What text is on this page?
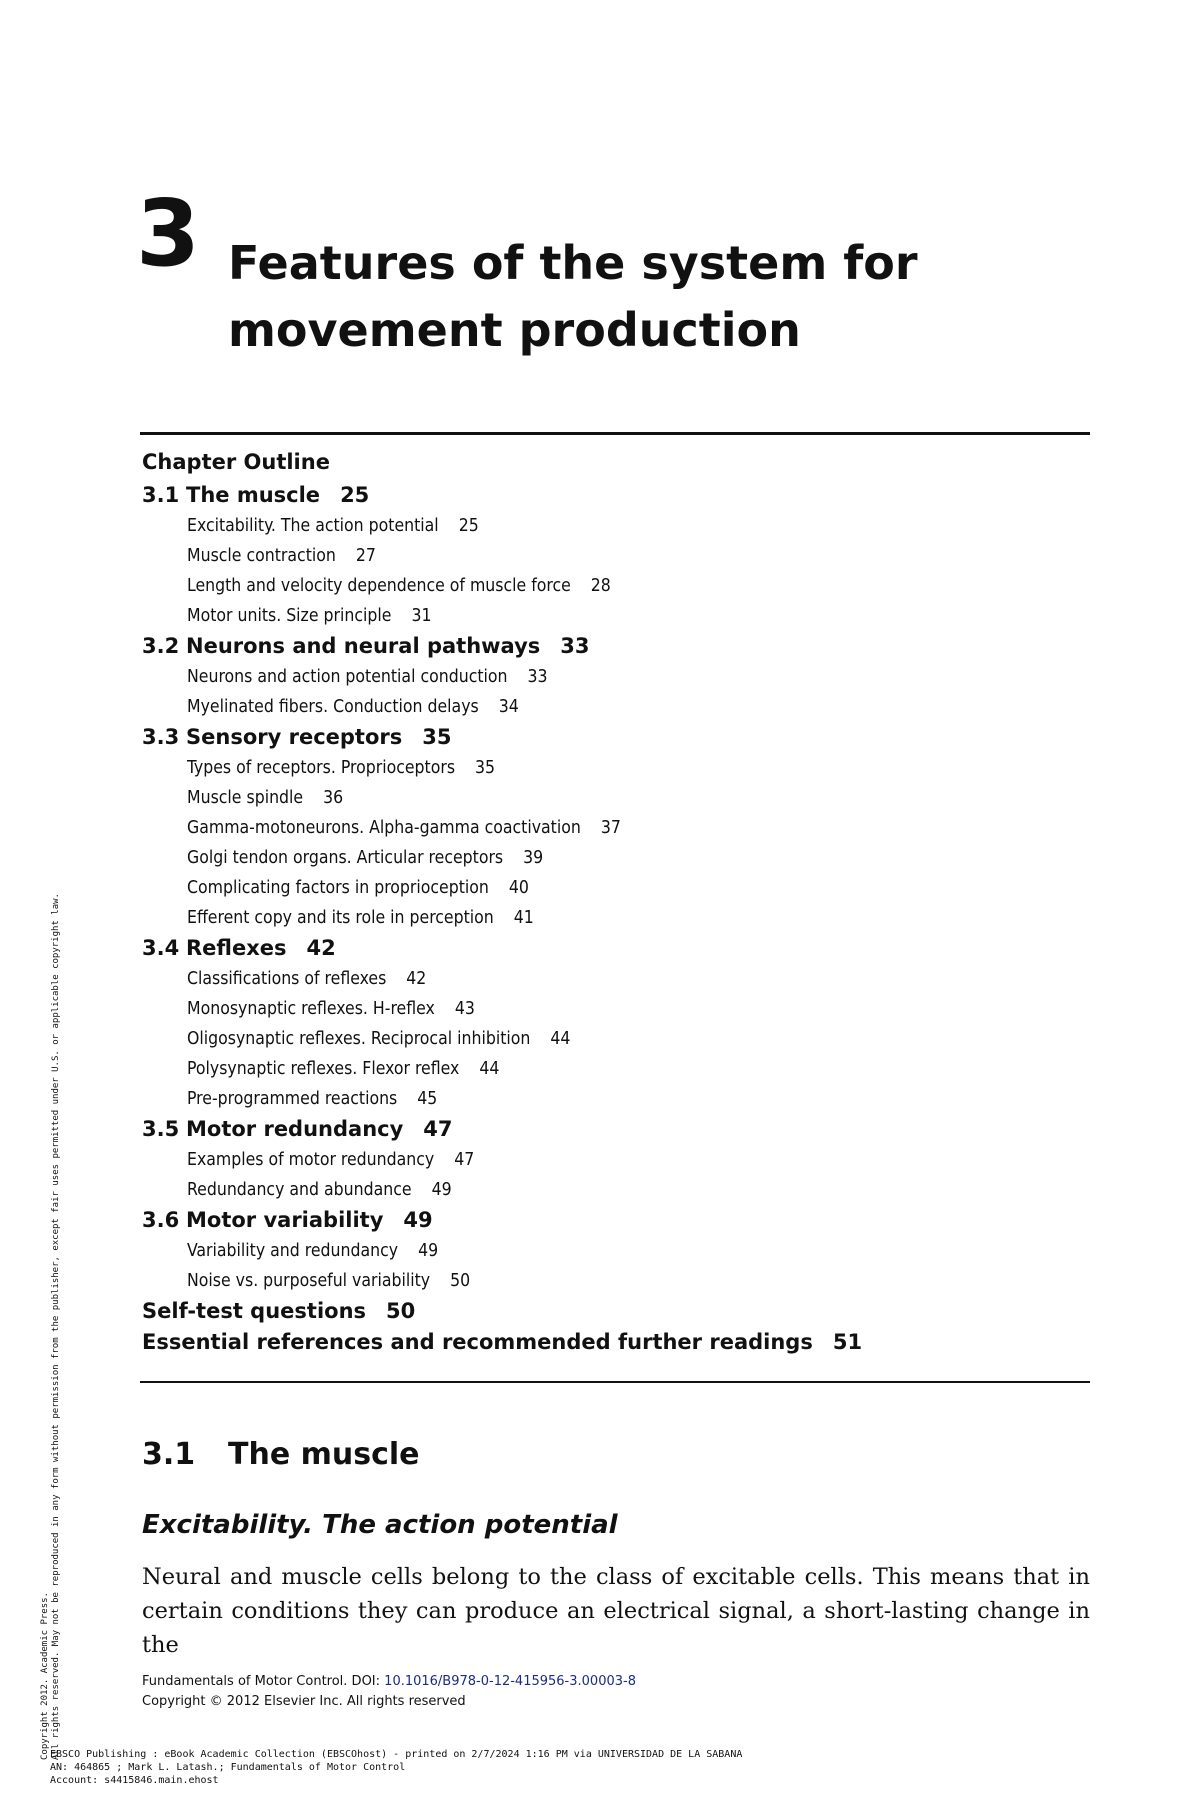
3 Features of the system for movement production
Chapter Outline
3.1 The muscle 25
Excitability. The action potential 25
Muscle contraction 27
Length and velocity dependence of muscle force 28
Motor units. Size principle 31
3.2 Neurons and neural pathways 33
Neurons and action potential conduction 33
Myelinated fibers. Conduction delays 34
3.3 Sensory receptors 35
Types of receptors. Proprioceptors 35
Muscle spindle 36
Gamma-motoneurons. Alpha-gamma coactivation 37
Golgi tendon organs. Articular receptors 39
Complicating factors in proprioception 40
Efferent copy and its role in perception 41
3.4 Reflexes 42
Classifications of reflexes 42
Monosynaptic reflexes. H-reflex 43
Oligosynaptic reflexes. Reciprocal inhibition 44
Polysynaptic reflexes. Flexor reflex 44
Pre-programmed reactions 45
3.5 Motor redundancy 47
Examples of motor redundancy 47
Redundancy and abundance 49
3.6 Motor variability 49
Variability and redundancy 49
Noise vs. purposeful variability 50
Self-test questions 50
Essential references and recommended further readings 51
3.1 The muscle
Excitability. The action potential
Neural and muscle cells belong to the class of excitable cells. This means that in certain conditions they can produce an electrical signal, a short-lasting change in the
Fundamentals of Motor Control. DOI: 10.1016/B978-0-12-415956-3.00003-8
Copyright © 2012 Elsevier Inc. All rights reserved
EBSCO Publishing : eBook Academic Collection (EBSCOhost) - printed on 2/7/2024 1:16 PM via UNIVERSIDAD DE LA SABANA
AN: 464865 ; Mark L. Latash.; Fundamentals of Motor Control
Account: s4415846.main.ehost
Copyright 2012. Academic Press. All rights reserved. May not be reproduced in any form without permission from the publisher, except fair uses permitted under U.S. or applicable copyright law.
